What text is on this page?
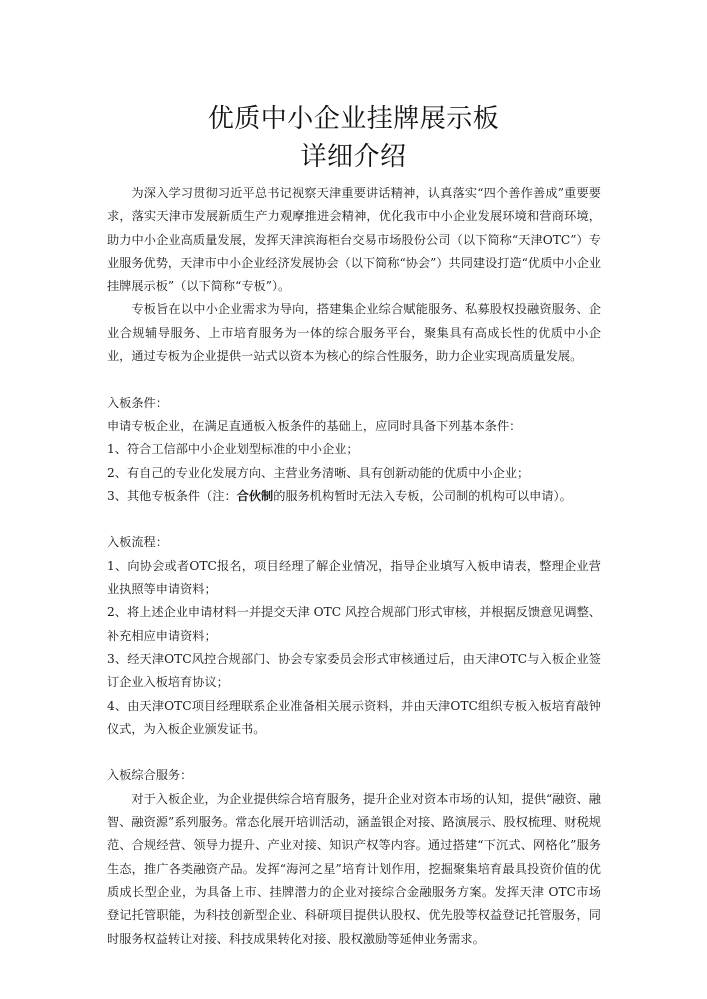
优质中小企业挂牌展示板
详细介绍

为深入学习贯彻习近平总书记视察天津重要讲话精神，认真落实“四个善作善成”重要要求，落实天津市发展新质生产力观摩推进会精神，优化我市中小企业发展环境和营商环境，助力中小企业高质量发展，发挥天津滨海柜台交易市场股份公司（以下简称“天津OTC”）专业服务优势，天津市中小企业经济发展协会（以下简称“协会”）共同建设打造“优质中小企业挂牌展示板”（以下简称“专板”）。

专板旨在以中小企业需求为导向，搭建集企业综合赋能服务、私募股权投融资服务、企业合规辅导服务、上市培育服务为一体的综合服务平台，聚集具有高成长性的优质中小企业，通过专板为企业提供一站式以资本为核心的综合性服务，助力企业实现高质量发展。

入板条件：

申请专板企业，在满足直通板入板条件的基础上，应同时具备下列基本条件：

1、符合工信部中小企业划型标准的中小企业；

2、有自己的专业化发展方向、主营业务清晰、具有创新动能的优质中小企业；

3、其他专板条件（注：合伙制的服务机构暂时无法入专板，公司制的机构可以申请）。

入板流程：

1、向协会或者OTC报名，项目经理了解企业情况，指导企业填写入板申请表，整理企业营业执照等申请资料；

2、将上述企业申请材料一并提交天津 OTC 风控合规部门形式审核，并根据反馈意见调整、补充相应申请资料；

3、经天津OTC风控合规部门、协会专家委员会形式审核通过后，由天津OTC与入板企业签订企业入板培育协议；

4、由天津OTC项目经理联系企业准备相关展示资料，并由天津OTC组织专板入板培育敲钟仪式，为入板企业颁发证书。

入板综合服务：

对于入板企业，为企业提供综合培育服务，提升企业对资本市场的认知，提供“融资、融智、融资源”系列服务。常态化展开培训活动，涵盖银企对接、路演展示、股权梳理、财税规范、合规经营、领导力提升、产业对接、知识产权等内容。通过搭建“下沉式、网格化”服务生态，推广各类融资产品。发挥“海河之星”培育计划作用，挖掘聚集培育最具投资价值的优质成长型企业，为具备上市、挂牌潜力的企业对接综合金融服务方案。发挥天津 OTC市场登记托管职能，为科技创新型企业、科研项目提供认股权、优先股等权益登记托管服务，同时服务权益转让对接、科技成果转化对接、股权激励等延伸业务需求。
